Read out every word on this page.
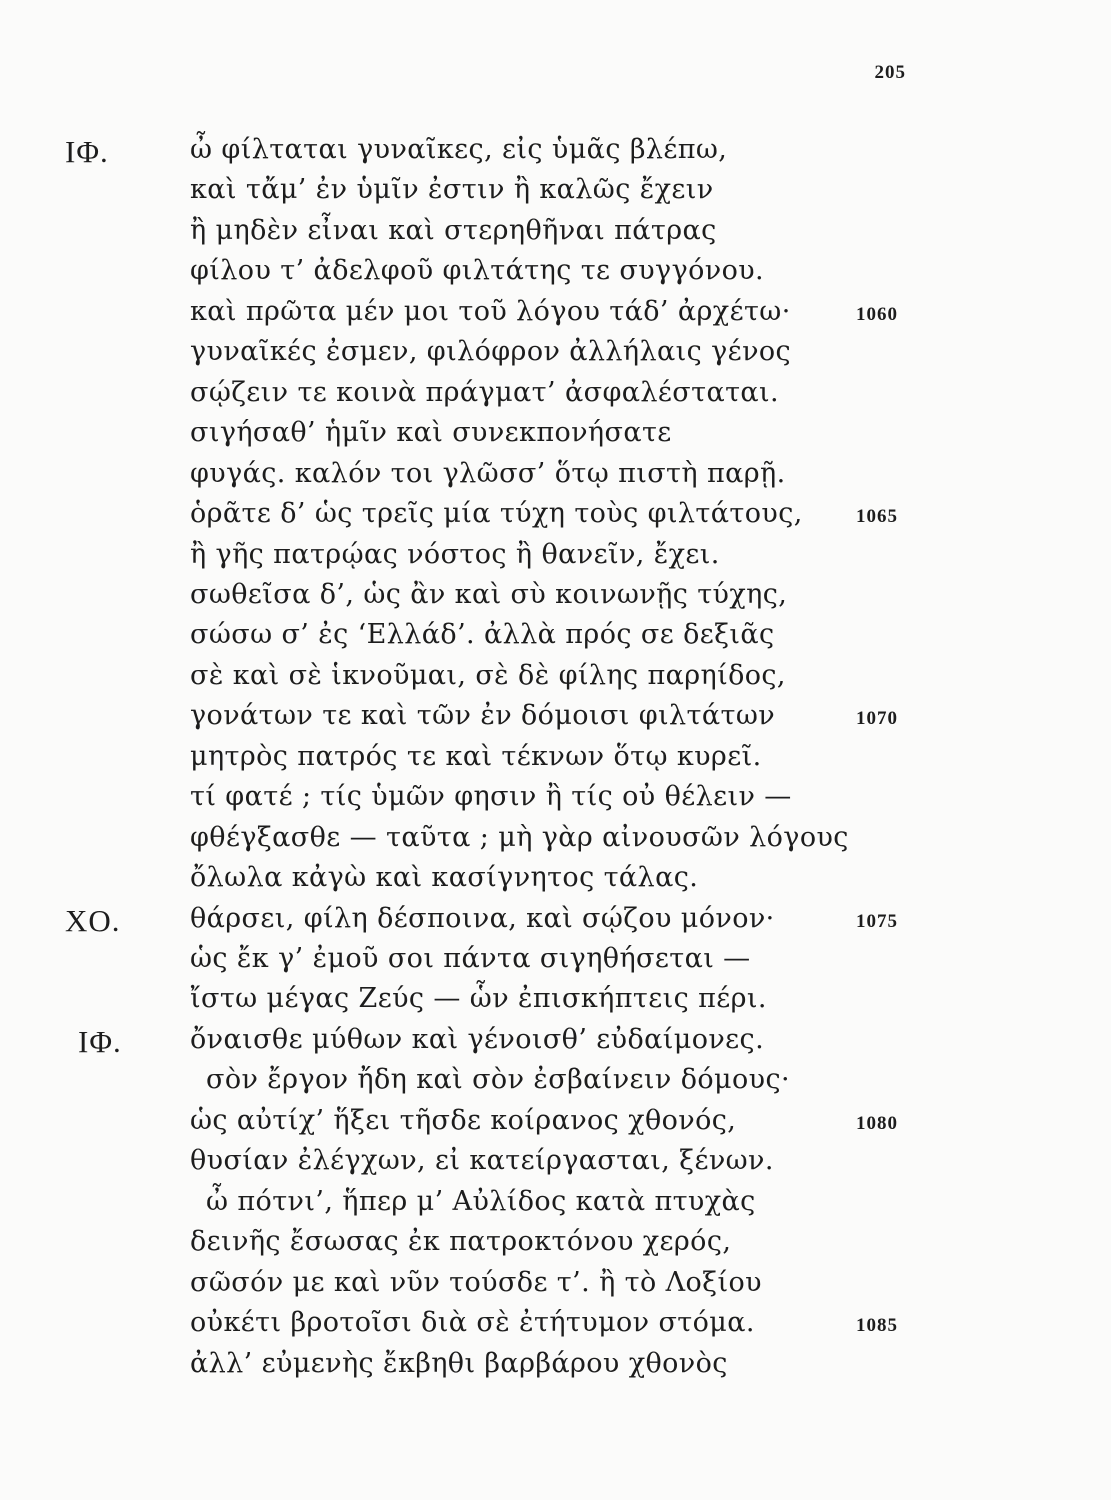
205
ΙΦ.	ὦ φίλταται γυναῖκες, εἰς ὑμᾶς βλέπω,
καὶ τἄμ’ ἐν ὑμῖν ἐστιν ἢ καλῶς ἔχειν
ἢ μηδὲν εἶναι καὶ στερηθῆναι πάτρας
φίλου τ’ ἀδελφοῦ φιλτάτης τε συγγόνου.
καὶ πρῶτα μέν μοι τοῦ λόγου τάδ’ ἀρχέτω·	1060
γυναῖκές ἐσμεν, φιλόφρον ἀλλήλαις γένος
σῴζειν τε κοινὰ πράγματ’ ἀσφαλέσταται.
σιγήσαθ’ ἡμῖν καὶ συνεκπονήσατε
φυγάς. καλόν τοι γλῶσσ’ ὅτῳ πιστὴ παρῇ.
ὁρᾶτε δ’ ὡς τρεῖς μία τύχη τοὺς φιλτάτους,	1065
ἢ γῆς πατρῴας νόστος ἢ θανεῖν, ἔχει.
σωθεῖσα δ’, ὡς ἂν καὶ σὺ κοινωνῇς τύχης,
σώσω σ’ ἐς ‘Ελλάδ’. ἀλλὰ πρός σε δεξιᾶς
σὲ καὶ σὲ ἱκνοῦμαι, σὲ δὲ φίλης παρηίδος,
γονάτων τε καὶ τῶν ἐν δόμοισι φιλτάτων	1070
μητρὸς πατρός τε καὶ τέκνων ὅτῳ κυρεῖ.
τί φατέ ; τίς ὑμῶν φησιν ἢ τίς οὐ θέλειν —
φθέγξασθε — ταῦτα ; μὴ γὰρ αἰνουσῶν λόγους
ὄλωλα κἀγὼ καὶ κασίγνητος τάλας.
ΧΟ.	θάρσει, φίλη δέσποινα, καὶ σῴζου μόνον·	1075
ὡς ἔκ γ’ ἐμοῦ σοι πάντα σιγηθήσεται —
ἴστω μέγας Ζεύς — ὧν ἐπισκήπτεις πέρι.
ΙΦ.	ὄναισθε μύθων καὶ γένοισθ’ εὐδαίμονες.
σὸν ἔργον ἤδη καὶ σὸν ἐσβαίνειν δόμους·
ὡς αὐτίχ’ ἥξει τῆσδε κοίρανος χθονός,	1080
θυσίαν ἐλέγχων, εἰ κατείργασται, ξένων.
ὦ πότνι’, ἥπερ μ’ Αὐλίδος κατὰ πτυχὰς
δεινῆς ἔσωσας ἐκ πατροκτόνου χερός,
σῶσόν με καὶ νῦν τούσδε τ’. ἢ τὸ Λοξίου
οὐκέτι βροτοῖσι διὰ σὲ ἐτήτυμον στόμα.	1085
ἀλλ’ εὐμενὴς ἔκβηθι βαρβάρου χθονὸς
